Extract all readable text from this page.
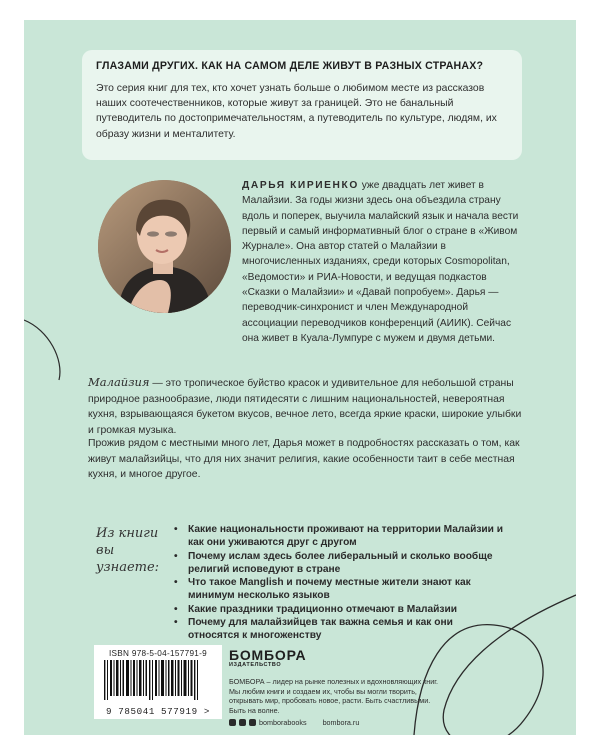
ГЛАЗАМИ ДРУГИХ. КАК НА САМОМ ДЕЛЕ ЖИВУТ В РАЗНЫХ СТРАНАХ?
Это серия книг для тех, кто хочет узнать больше о любимом месте из рассказов наших соотечественников, которые живут за границей. Это не банальный путеводитель по достопримечательностям, а путеводитель по культуре, людям, их образу жизни и менталитету.
ДАРЬЯ КИРИЕНКО уже двадцать лет живет в Малайзии. За годы жизни здесь она объездила страну вдоль и поперек, выучила малайский язык и начала вести первый и самый информативный блог о стране в «Живом Журнале». Она автор статей о Малайзии в многочисленных изданиях, среди которых Cosmopolitan, «Ведомости» и РИА-Новости, и ведущая подкастов «Сказки о Малайзии» и «Давай попробуем». Дарья — переводчик-синхронист и член Международной ассоциации переводчиков конференций (АИИК). Сейчас она живет в Куала-Лумпуре с мужем и двумя детьми.
Малайзия — это тропическое буйство красок и удивительное для небольшой страны природное разнообразие, люди пятидесяти с лишним национальностей, невероятная кухня, взрывающаяся букетом вкусов, вечное лето, всегда яркие краски, широкие улыбки и громкая музыка.
Прожив рядом с местными много лет, Дарья может в подробностях рассказать о том, как живут малайзийцы, что для них значит религия, какие особенности таит в себе местная кухня, и многое другое.
Из книги
вы узнаете:
• Какие национальности проживают на территории Малайзии и как они уживаются друг с другом
• Почему ислам здесь более либеральный и сколько вообще религий исповедуют в стране
• Что такое Manglish и почему местные жители знают как минимум несколько языков
• Какие праздники традиционно отмечают в Малайзии
• Почему для малайзийцев так важна семья и как они относятся к многоженству
ISBN 978-5-04-157791-9
9 785041 577919 >
БОМБОРА
ИЗДАТЕЛЬСТВО
БОМБОРА – лидер на рынке полезных и вдохновляющих книг. Мы любим книги и создаем их, чтобы вы могли творить, открывать мир, пробовать новое, расти. Быть счастливыми. Быть на волне.
bomborabooks bombora.ru
